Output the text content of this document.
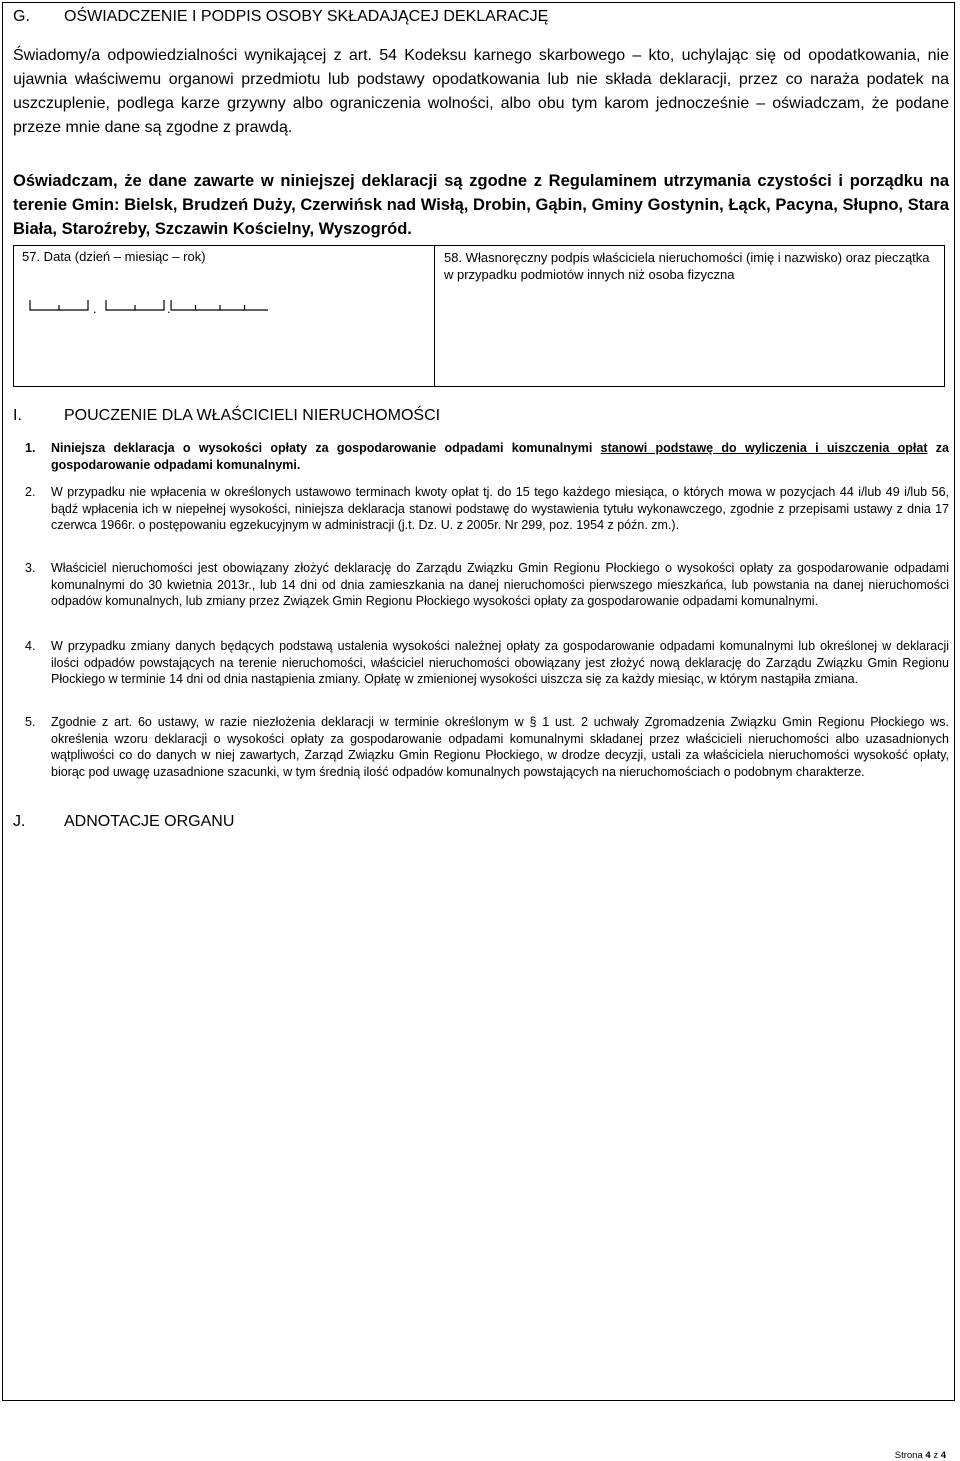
G. OŚWIADCZENIE I PODPIS OSOBY SKŁADAJĄCEJ DEKLARACJĘ
Świadomy/a odpowiedzialności wynikającej z art. 54 Kodeksu karnego skarbowego – kto, uchylając się od opodatkowania, nie ujawnia właściwemu organowi przedmiotu lub podstawy opodatkowania lub nie składa deklaracji, przez co naraża podatek na uszczuplenie, podlega karze grzywny albo ograniczenia wolności, albo obu tym karom jednocześnie – oświadczam, że podane przeze mnie dane są zgodne z prawdą.
Oświadczam, że dane zawarte w niniejszej deklaracji są zgodne z Regulaminem utrzymania czystości i porządku na terenie Gmin: Bielsk, Brudzeń Duży, Czerwińsk nad Wisłą, Drobin, Gąbin, Gminy Gostynin, Łąck, Pacyna, Słupno, Stara Biała, Staroźreby, Szczawin Kościelny, Wyszogród.
57. Data (dzień – miesiąc – rok)
.	.
58. Własnoręczny podpis właściciela nieruchomości (imię i nazwisko) oraz pieczątka w przypadku podmiotów innych niż osoba fizyczna
I.	POUCZENIE DLA WŁAŚCICIELI NIERUCHOMOŚCI
1. Niniejsza deklaracja o wysokości opłaty za gospodarowanie odpadami komunalnymi stanowi podstawę do wyliczenia i uiszczenia opłat za gospodarowanie odpadami komunalnymi.
2. W przypadku nie wpłacenia w określonych ustawowo terminach kwoty opłat tj. do 15 tego każdego miesiąca, o których mowa w pozycjach 44 i/lub 49 i/lub 56, bądź wpłacenia ich w niepełnej wysokości, niniejsza deklaracja stanowi podstawę do wystawienia tytułu wykonawczego, zgodnie z przepisami ustawy z dnia 17 czerwca 1966r. o postępowaniu egzekucyjnym w administracji (j.t. Dz. U. z 2005r. Nr 299, poz. 1954 z późn. zm.).
3. Właściciel nieruchomości jest obowiązany złożyć deklarację do Zarządu Związku Gmin Regionu Płockiego o wysokości opłaty za gospodarowanie odpadami komunalnymi do 30 kwietnia 2013r., lub 14 dni od dnia zamieszkania na danej nieruchomości pierwszego mieszkańca, lub powstania na danej nieruchomości odpadów komunalnych, lub zmiany przez Związek Gmin Regionu Płockiego wysokości opłaty za gospodarowanie odpadami komunalnymi.
4. W przypadku zmiany danych będących podstawą ustalenia wysokości należnej opłaty za gospodarowanie odpadami komunalnymi lub określonej w deklaracji ilości odpadów powstających na terenie nieruchomości, właściciel nieruchomości obowiązany jest złożyć nową deklarację do Zarządu Związku Gmin Regionu Płockiego w terminie 14 dni od dnia nastąpienia zmiany. Opłatę w zmienionej wysokości uiszcza się za każdy miesiąc, w którym nastąpiła zmiana.
5. Zgodnie z art. 6o ustawy, w razie niezłożenia deklaracji w terminie określonym w § 1 ust. 2 uchwały Zgromadzenia Związku Gmin Regionu Płockiego ws. określenia wzoru deklaracji o wysokości opłaty za gospodarowanie odpadami komunalnymi składanej przez właścicieli nieruchomości albo uzasadnionych wątpliwości co do danych w niej zawartych, Zarząd Związku Gmin Regionu Płockiego, w drodze decyzji, ustali za właściciela nieruchomości wysokość opłaty, biorąc pod uwagę uzasadnione szacunki, w tym średnią ilość odpadów komunalnych powstających na nieruchomościach o podobnym charakterze.
J. ADNOTACJE ORGANU
Strona 4 z 4
